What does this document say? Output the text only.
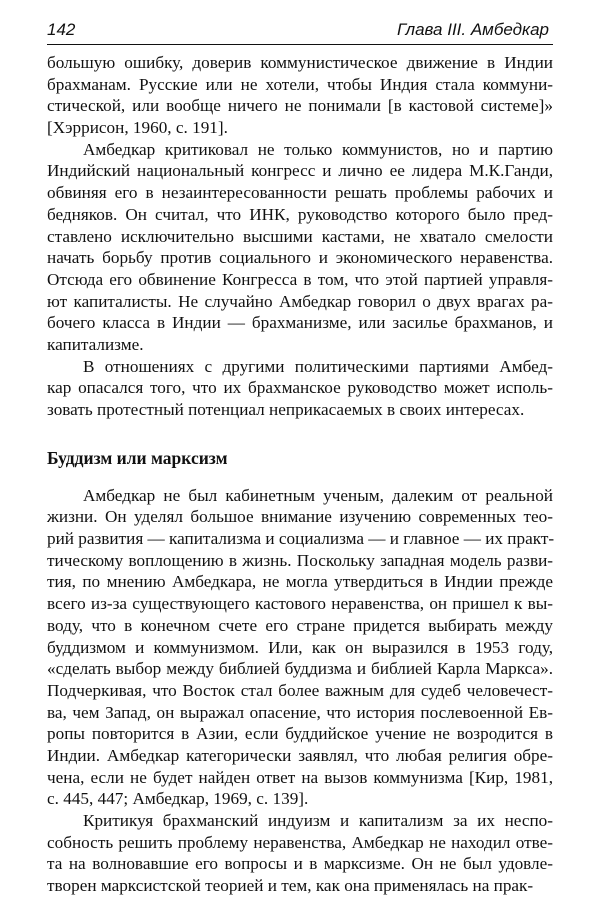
142	Глава III. Амбедкар
большую ошибку, доверив коммунистическое движение в Индии
брахманам. Русские или не хотели, чтобы Индия стала коммуни-
стической, или вообще ничего не понимали [в кастовой системе]»
[Хэррисон, 1960, с. 191].
Амбедкар критиковал не только коммунистов, но и партию
Индийский национальный конгресс и лично ее лидера М.К.Ганди,
обвиняя его в незаинтересованности решать проблемы рабочих и
бедняков. Он считал, что ИНК, руководство которого было пред-
ставлено исключительно высшими кастами, не хватало смелости
начать борьбу против социального и экономического неравенства.
Отсюда его обвинение Конгресса в том, что этой партией управля-
ют капиталисты. Не случайно Амбедкар говорил о двух врагах ра-
бочего класса в Индии — брахманизме, или засилье брахманов, и
капитализме.
В отношениях с другими политическими партиями Амбед-
кар опасался того, что их брахманское руководство может исполь-
зовать протестный потенциал неприкасаемых в своих интересах.
Буддизм или марксизм
Амбедкар не был кабинетным ученым, далеким от реальной
жизни. Он уделял большое внимание изучению современных тео-
рий развития — капитализма и социализма — и главное — их практ-
тическому воплощению в жизнь. Поскольку западная модель разви-
тия, по мнению Амбедкара, не могла утвердиться в Индии прежде
всего из-за существующего кастового неравенства, он пришел к вы-
воду, что в конечном счете его стране придется выбирать между
буддизмом и коммунизмом. Или, как он выразился в 1953 году,
«сделать выбор между библией буддизма и библией Карла Маркса».
Подчеркивая, что Восток стал более важным для судеб человечест-
ва, чем Запад, он выражал опасение, что история послевоенной Ев-
ропы повторится в Азии, если буддийское учение не возродится в
Индии. Амбедкар категорически заявлял, что любая религия обре-
чена, если не будет найден ответ на вызов коммунизма [Кир, 1981,
с. 445, 447; Амбедкар, 1969, с. 139].
Критикуя брахманский индуизм и капитализм за их неспо-
собность решить проблему неравенства, Амбедкар не находил отве-
та на волновавшие его вопросы и в марксизме. Он не был удовле-
творен марксистской теорией и тем, как она применялась на прак-
